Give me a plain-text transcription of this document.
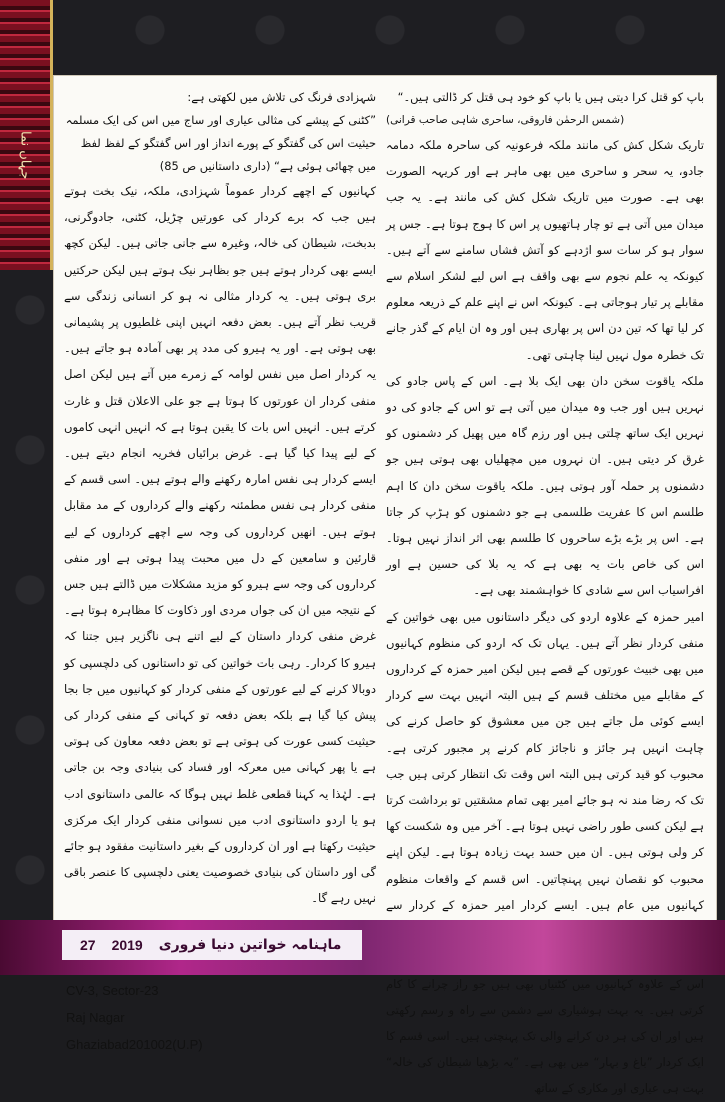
جہاں نما

باپ کو قتل کرا دیتی ہیں یا باپ کو خود ہی قتل کر ڈالتی ہیں۔“

(شمس الرحمٰن فاروقی، ساحری شاہی صاحب قرانی)

تاریک شکل کش کی مانند ملکہ فرعونیہ کی ساحرہ ملکہ دمامہ جادو، یہ سحر و ساحری میں بھی ماہر ہے اور کریہہ الصورت بھی ہے۔ صورت میں تاریک شکل کش کی مانند ہے۔ یہ جب میدان میں آتی ہے تو چار ہاتھیوں پر اس کا ہوج ہوتا ہے۔ جس پر سوار ہو کر سات سو اژدہے کو آتش فشاں سامنے سے آتے ہیں۔ کیونکہ یہ علم نجوم سے بھی واقف ہے اس لیے لشکر اسلام سے مقابلے پر تیار ہوجاتی ہے۔ کیونکہ اس نے اپنے علم کے ذریعہ معلوم کر لیا تھا کہ تین دن اس پر بھاری ہیں اور وہ ان ایام کے گذر جانے تک خطرہ مول نہیں لینا چاہتی تھی۔

ملکہ یاقوت سخن دان بھی ایک بلا ہے۔ اس کے پاس جادو کی نہریں ہیں اور جب وہ میدان میں آتی ہے تو اس کے جادو کی دو نہریں ایک ساتھ چلتی ہیں اور رزم گاہ میں پھیل کر دشمنوں کو غرق کر دیتی ہیں۔ ان نہروں میں مچھلیاں بھی ہوتی ہیں جو دشمنوں پر حملہ آور ہوتی ہیں۔ ملکہ یاقوت سخن دان کا اہم طلسم اس کا عفریت طلسمی ہے جو دشمنوں کو ہڑپ کر جاتا ہے۔ اس پر بڑے بڑے ساحروں کا طلسم بھی اثر انداز نہیں ہوتا۔ اس کی خاص بات یہ بھی ہے کہ یہ بلا کی حسین ہے اور افراسیاب اس سے شادی کا خواہشمند بھی ہے۔

امیر حمزہ کے علاوہ اردو کی دیگر داستانوں میں بھی خواتین کے منفی کردار نظر آتے ہیں۔ یہاں تک کہ اردو کی منظوم کہانیوں میں بھی خبیث عورتوں کے قصے ہیں لیکن امیر حمزہ کے کرداروں کے مقابلے میں مختلف قسم کے ہیں البتہ انہیں بہت سے کردار ایسے کوئی مل جاتے ہیں جن میں معشوق کو حاصل کرنے کی چاہت انہیں ہر جائز و ناجائز کام کرنے پر مجبور کرتی ہے۔ محبوب کو قید کرتی ہیں البتہ اس وقت تک انتظار کرتی ہیں جب تک کہ رضا مند نہ ہو جائے امیر بھی تمام مشقتیں تو برداشت کرتا ہے لیکن کسی طور راضی نہیں ہوتا ہے۔ آخر میں وہ شکست کھا کر ولی ہوتی ہیں۔ ان میں حسد بہت زیادہ ہوتا ہے۔ لیکن اپنے محبوب کو نقصان نہیں پہنچاتیں۔ اس قسم کے واقعات منظوم کہانیوں میں عام ہیں۔ ایسے کردار امیر حمزہ کے کردار سے

اس کے علاوہ کہانیوں میں کٹنیاں بھی ہیں جو راز چرانے کا کام کرتی ہیں۔ یہ بہت ہوشیاری سے دشمن سے راہ و رسم رکھتی ہیں اور ان کی ہر دن کرانے والی تک پہنچتی ہیں۔ اسی قسم کا ایک کردار ”باغ و بہار“ میں بھی ہے۔ ”یہ بڑھیا شیطان کی خالہ“ بہت ہی عیاری اور مکاری کے ساتھ

شہزادی فرنگ کی تلاش میں لکھتی ہے:

”کٹنی کے پیشے کی مثالی عیاری اور ساج میں اس کی ایک مسلمہ حیثیت اس کی گفتگو کے پورے انداز اور اس گفتگو کے لفظ لفظ میں چھائی ہوئی ہے“ (داری داستانیں ص 85)

کہانیوں کے اچھے کردار عموماً شہزادی، ملکہ، نیک بخت ہوتے ہیں جب کہ برے کردار کی عورتیں چڑیل، کٹنی، جادوگرنی، بدبخت، شیطان کی خالہ، وغیرہ سے جانی جاتی ہیں۔ لیکن کچھ ایسے بھی کردار ہوتے ہیں جو بظاہر نیک ہوتے ہیں لیکن حرکتیں بری ہوتی ہیں۔ یہ کردار مثالی نہ ہو کر انسانی زندگی سے قریب نظر آتے ہیں۔ بعض دفعہ انہیں اپنی غلطیوں پر پشیمانی بھی ہوتی ہے۔ اور یہ ہیرو کی مدد پر بھی آمادہ ہو جاتے ہیں۔ یہ کردار اصل میں نفس لوامہ کے زمرے میں آتے ہیں لیکن اصل منفی کردار ان عورتوں کا ہوتا ہے جو علی الاعلان قتل و غارت کرتے ہیں۔ انہیں اس بات کا یقین ہوتا ہے کہ انہیں انہی کاموں کے لیے پیدا کیا گیا ہے۔ غرض برائیاں فخریہ انجام دیتے ہیں۔ ایسے کردار ہی نفس امارہ رکھنے والے ہوتے ہیں۔ اسی قسم کے منفی کردار ہی نفس مطمئنہ رکھنے والے کرداروں کے مد مقابل ہوتے ہیں۔ انھیں کرداروں کی وجہ سے اچھے کرداروں کے لیے قارئین و سامعین کے دل میں محبت پیدا ہوتی ہے اور منفی کرداروں کی وجہ سے ہیرو کو مزید مشکلات میں ڈالتے ہیں جس کے نتیجہ میں ان کی جواں مردی اور ذکاوت کا مظاہرہ ہوتا ہے۔ غرض منفی کردار داستان کے لیے اتنے ہی ناگزیر ہیں جتنا کہ ہیرو کا کردار۔ رہی بات خواتین کی تو داستانوں کی دلچسپی کو دوبالا کرنے کے لیے عورتوں کے منفی کردار کو کہانیوں میں جا بجا پیش کیا گیا ہے بلکہ بعض دفعہ تو کہانی کے منفی کردار کی حیثیت کسی عورت کی ہوتی ہے تو بعض دفعہ معاون کی ہوتی ہے یا پھر کہانی میں معرکہ اور فساد کی بنیادی وجہ بن جاتی ہے۔ لہٰذا یہ کہنا قطعی غلط نہیں ہوگا کہ عالمی داستانوی ادب ہو یا اردو داستانوی ادب میں نسوانی منفی کردار ایک مرکزی حیثیت رکھتا ہے اور ان کرداروں کے بغیر داستانیت مفقود ہو جائے گی اور داستان کی بنیادی خصوصیت یعنی دلچسپی کا عنصر باقی نہیں رہے گا۔

CV-3, Sector-23
Raj Nagar
Ghaziabad201002(U.P)
27 2019 ماہنامہ خواتین دنیا فروری
